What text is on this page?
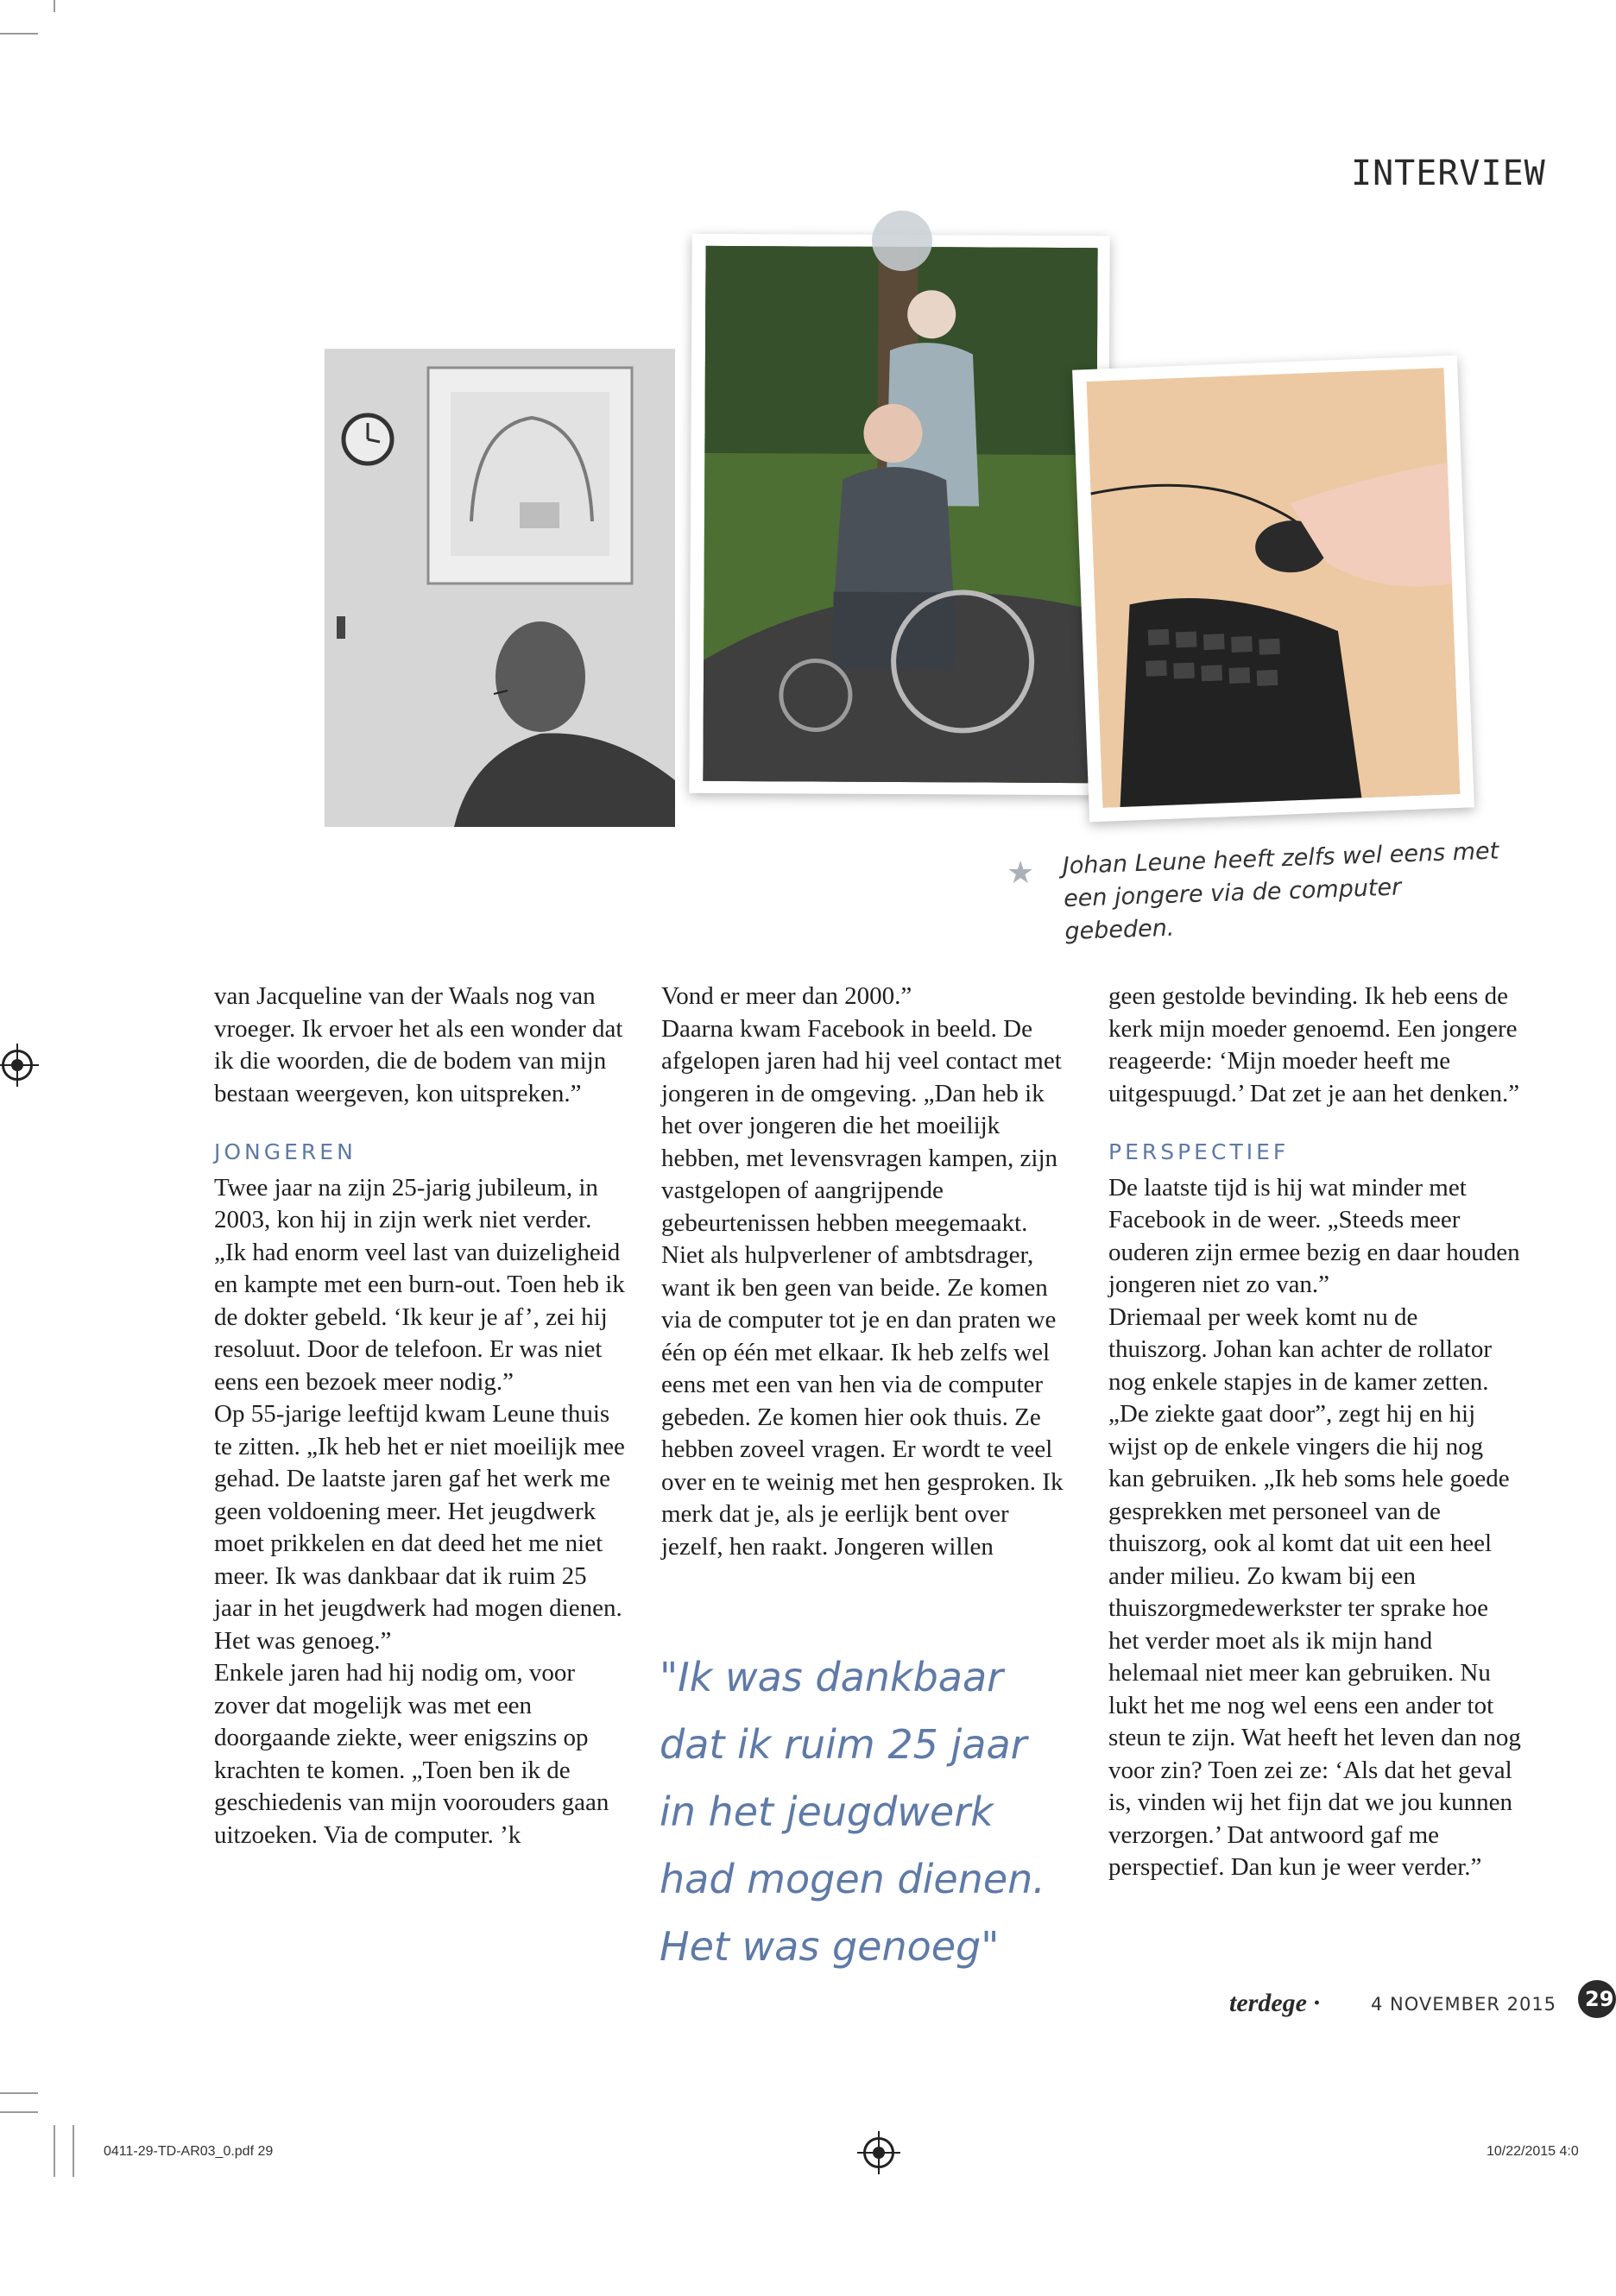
INTERVIEW
★ Johan Leune heeft zelfs wel eens met
een jongere via de computer gebeden.

van Jacqueline van der Waals nog van vroeger. Ik ervoer het als een wonder dat ik die woorden, die de bodem van mijn bestaan weergeven, kon uitspreken.”

JONGEREN

Twee jaar na zijn 25-jarig jubileum, in 2003, kon hij in zijn werk niet verder. „Ik had enorm veel last van duizeligheid en kampte met een burn-out. Toen heb ik de dokter gebeld. ‘Ik keur je af’, zei hij resoluut. Door de telefoon. Er was niet eens een bezoek meer nodig.”

Op 55-jarige leeftijd kwam Leune thuis te zitten. „Ik heb het er niet moeilijk mee gehad. De laatste jaren gaf het werk me geen voldoening meer. Het jeugdwerk moet prikkelen en dat deed het me niet meer. Ik was dankbaar dat ik ruim 25 jaar in het jeugdwerk had mogen dienen. Het was genoeg.”

Enkele jaren had hij nodig om, voor zover dat mogelijk was met een doorgaande ziekte, weer enigszins op krachten te komen. „Toen ben ik de geschiedenis van mijn voorouders gaan uitzoeken. Via de computer. ’k

Vond er meer dan 2000.”

Daarna kwam Facebook in beeld. De afgelopen jaren had hij veel contact met jongeren in de omgeving. „Dan heb ik het over jongeren die het moeilijk hebben, met levensvragen kampen, zijn vastgelopen of aangrijpende gebeurtenissen hebben meegemaakt. Niet als hulpverlener of ambtsdrager, want ik ben geen van beide. Ze komen via de computer tot je en dan praten we één op één met elkaar. Ik heb zelfs wel eens met een van hen via de computer gebeden. Ze komen hier ook thuis. Ze hebben zoveel vragen. Er wordt te veel over en te weinig met hen gesproken. Ik merk dat je, als je eerlijk bent over jezelf, hen raakt. Jongeren willen

"Ik was dankbaar
dat ik ruim 25 jaar
in het jeugdwerk
had mogen dienen.
Het was genoeg"

geen gestolde bevinding. Ik heb eens de kerk mijn moeder genoemd. Een jongere reageerde: ‘Mijn moeder heeft me uitgespuugd.’ Dat zet je aan het denken.”

PERSPECTIEF

De laatste tijd is hij wat minder met Facebook in de weer. „Steeds meer ouderen zijn ermee bezig en daar houden jongeren niet zo van.”

Driemaal per week komt nu de thuiszorg. Johan kan achter de rollator nog enkele stapjes in de kamer zetten. „De ziekte gaat door”, zegt hij en hij wijst op de enkele vingers die hij nog kan gebruiken. „Ik heb soms hele goede gesprekken met personeel van de thuiszorg, ook al komt dat uit een heel ander milieu. Zo kwam bij een thuiszorgmedewerkster ter sprake hoe het verder moet als ik mijn hand helemaal niet meer kan gebruiken. Nu lukt het me nog wel eens een ander tot steun te zijn. Wat heeft het leven dan nog voor zin? Toen zei ze: ‘Als dat het geval is, vinden wij het fijn dat we jou kunnen verzorgen.’ Dat antwoord gaf me perspectief. Dan kun je weer verder.”

terdege ·	4 NOVEMBER 2015	29
0411-29-TD-AR03_0.pdf 29	10/22/2015 4:0
